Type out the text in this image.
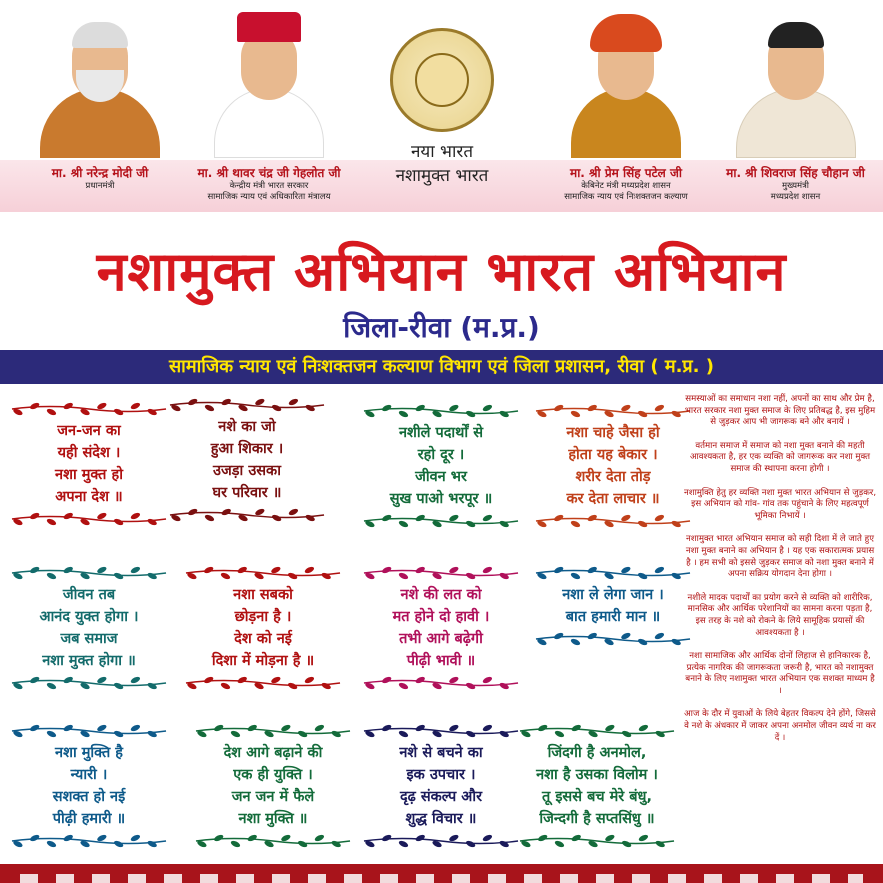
मा. श्री नरेन्द्र मोदी जी
प्रधानमंत्री
मा. श्री थावर चंद्र जी गेहलोत जी
केन्द्रीय मंत्री भारत सरकार
सामाजिक न्याय एवं अधिकारिता मंत्रालय
नया भारत
नशामुक्त भारत	मा. श्री प्रेम सिंह पटेल जी
केबिनेट मंत्री मध्यप्रदेश शासन
सामाजिक न्याय एवं निःशक्तजन कल्याण
मा. श्री शिवराज सिंह चौहान जी
मुख्यमंत्री
मध्यप्रदेश शासन
नशामुक्त अभियान भारत अभियान
जिला-रीवा (म.प्र.)
सामाजिक न्याय एवं निःशक्तजन कल्याण विभाग एवं जिला प्रशासन, रीवा ( म.प्र. )
जन-जन का
यही संदेश ।
नशा मुक्त हो
अपना देश ॥
नशे का जो
हुआ शिकार ।
उजड़ा उसका
घर परिवार ॥
नशीले पदार्थों से
रहो दूर ।
जीवन भर
सुख पाओ भरपूर ॥
नशा चाहे जैसा हो
होता यह बेकार ।
शरीर देता तोड़
कर देता लाचार ॥
जीवन तब
आनंद युक्त होगा ।
जब समाज
नशा मुक्त होगा ॥
नशा सबको
छोड़ना है ।
देश को नई
दिशा में मोड़ना है ॥
नशे की लत को
मत होने दो हावी ।
तभी आगे बढ़ेगी
पीढ़ी भावी ॥
नशा ले लेगा जान ।
बात हमारी मान ॥
नशा मुक्ति है
न्यारी ।
सशक्त हो नई
पीढ़ी हमारी ॥
देश आगे बढ़ाने की
एक ही युक्ति ।
जन जन में फैले
नशा मुक्ति ॥
नशे से बचने का
इक उपचार ।
दृढ़ संकल्प और
शुद्ध विचार ॥
जिंदगी है अनमोल,
नशा है उसका विलोम ।
तू इससे बच मेरे बंधु,
जिन्दगी है सप्तसिंधु ॥

समस्याओं का समाधान नशा नहीं, अपनों का साथ और प्रेम है, भारत सरकार नशा मुक्त समाज के लिए प्रतिबद्ध है, इस मुहिम से जुड़कर आप भी जागरूक बने और बनायें ।

वर्तमान समाज में समाज को नशा मुक्त बनाने की महती आवश्यकता है, हर एक व्यक्ति को जागरूक कर नशा मुक्त समाज की स्थापना करना होगी ।

नशामुक्ति हेतु हर व्यक्ति नशा मुक्त भारत अभियान से जुड़कर, इस अभियान को गांव- गांव तक पहुंचाने के लिए महत्वपूर्ण भूमिका निभायें ।

नशामुक्त भारत अभियान समाज को सही दिशा में ले जाते हुए नशा मुक्त बनाने का अभियान है । यह एक सकारात्मक प्रयास है । हम सभी को इससे जुड़कर समाज को नशा मुक्त बनाने में अपना सक्रिय योगदान देना होगा ।

नशीले मादक पदार्थों का प्रयोग करने से व्यक्ति को शारीरिक, मानसिक और आर्थिक परेशानियों का सामना करना पड़ता है, इस तरह के नशे को रोकने के लिये सामूहिक प्रयासों की आवश्यकता है ।

नशा सामाजिक और आर्थिक दोनों लिहाज से हानिकारक है, प्रत्येक नागरिक की जागरूकता जरूरी है, भारत को नशामुक्त बनाने के लिए नशामुक्त भारत अभियान एक सशक्त माध्यम है ।

आज के दौर में युवाओं के लिये बेहतर विकल्प देने होंगे, जिससे वे नशे के अंधकार में जाकर अपना अनमोल जीवन व्यर्थ ना कर दें ।
